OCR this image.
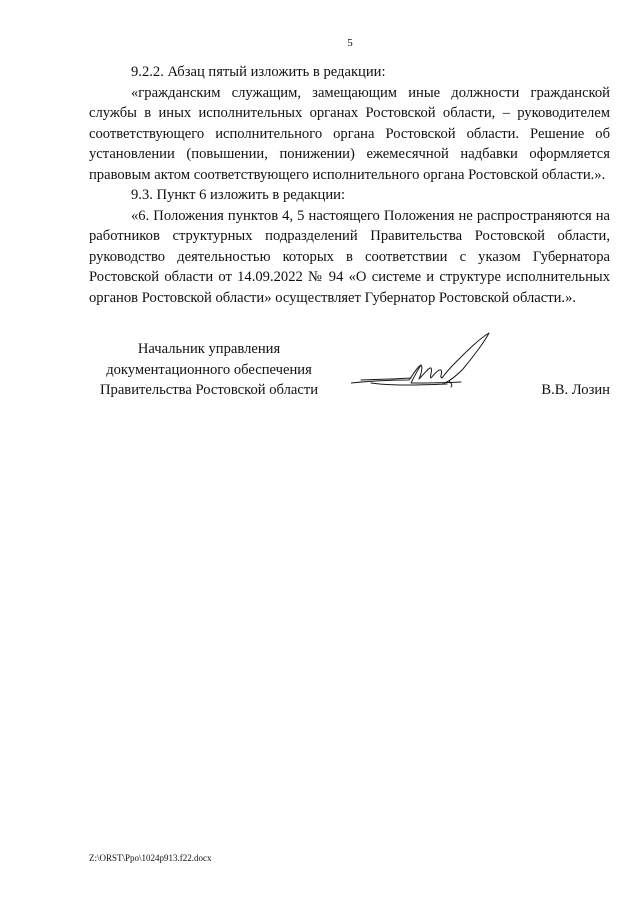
5

9.2.2. Абзац пятый изложить в редакции:

«гражданским служащим, замещающим иные должности гражданской службы в иных исполнительных органах Ростовской области, – руководителем соответствующего исполнительного органа Ростовской области. Решение об установлении (повышении, понижении) ежемесячной надбавки оформляется правовым актом соответствующего исполнительного органа Ростовской области.».

9.3. Пункт 6 изложить в редакции:

«6. Положения пунктов 4, 5 настоящего Положения не распространяются на работников структурных подразделений Правительства Ростовской области, руководство деятельностью которых в соответствии с указом Губернатора Ростовской области от 14.09.2022 № 94 «О системе и структуре исполнительных органов Ростовской области» осуществляет Губернатор Ростовской области.».

Начальник управления
документационного обеспечения
Правительства Ростовской области	В.В. Лозин
Z:\ORST\Ppo\1024p913.f22.docx
